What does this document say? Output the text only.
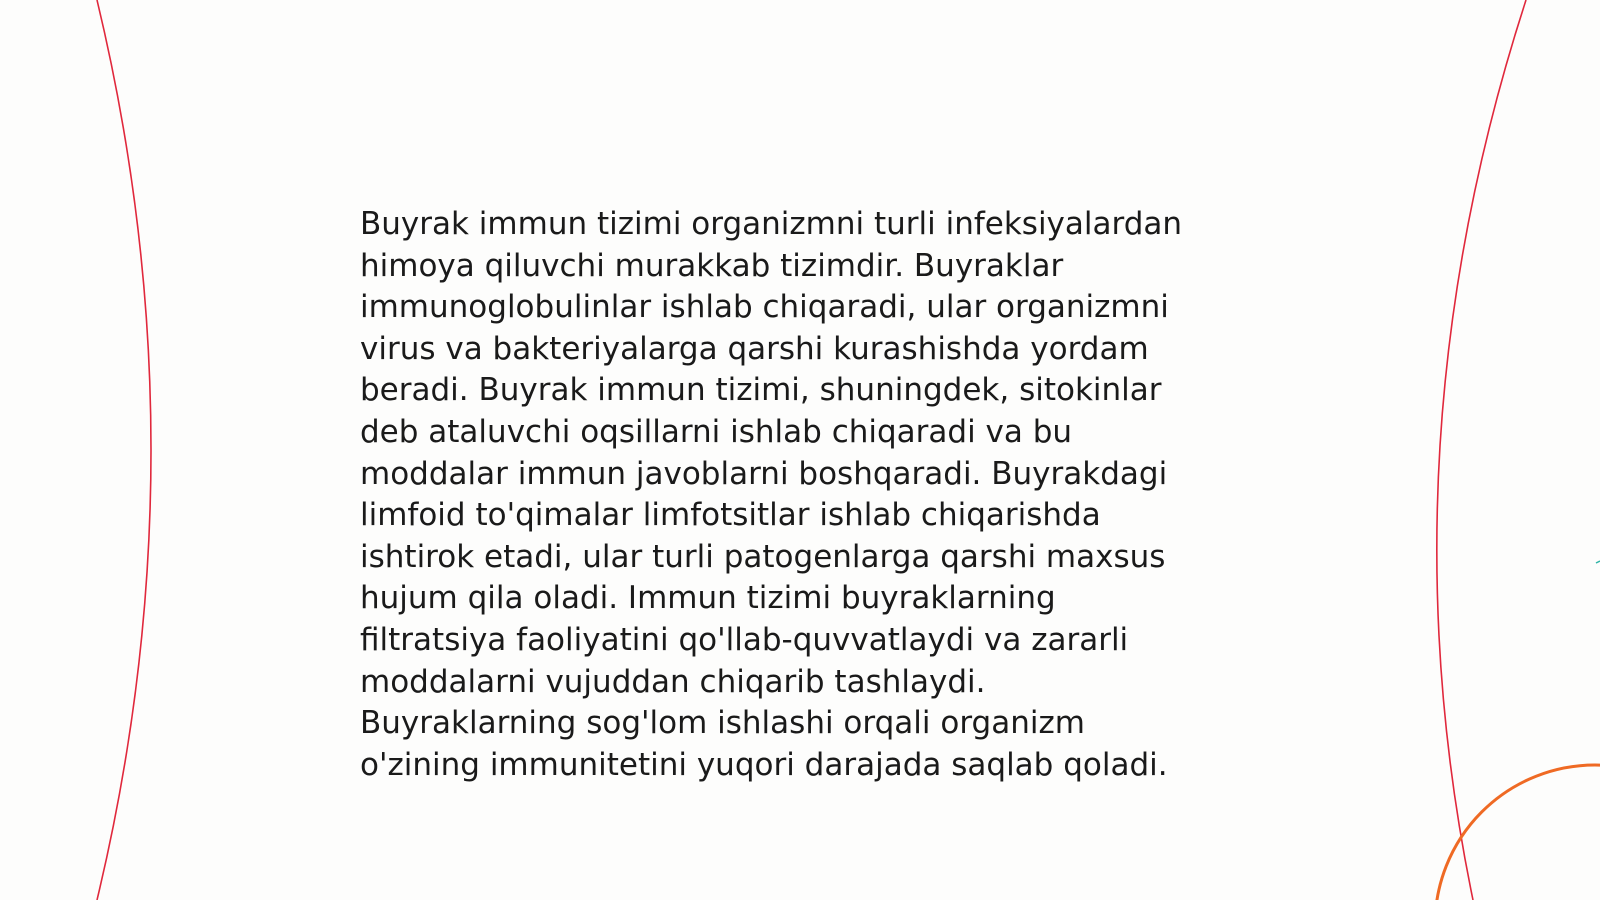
Buyrak immun tizimi organizmni turli infeksiyalardan
himoya qiluvchi murakkab tizimdir. Buyraklar
immunoglobulinlar ishlab chiqaradi, ular organizmni
virus va bakteriyalarga qarshi kurashishda yordam
beradi. Buyrak immun tizimi, shuningdek, sitokinlar
deb ataluvchi oqsillarni ishlab chiqaradi va bu
moddalar immun javoblarni boshqaradi. Buyrakdagi
limfoid to'qimalar limfotsitlar ishlab chiqarishda
ishtirok etadi, ular turli patogenlarga qarshi maxsus
hujum qila oladi. Immun tizimi buyraklarning
filtratsiya faoliyatini qo'llab-quvvatlaydi va zararli
moddalarni vujuddan chiqarib tashlaydi.
Buyraklarning sog'lom ishlashi orqali organizm
o'zining immunitetini yuqori darajada saqlab qoladi.
